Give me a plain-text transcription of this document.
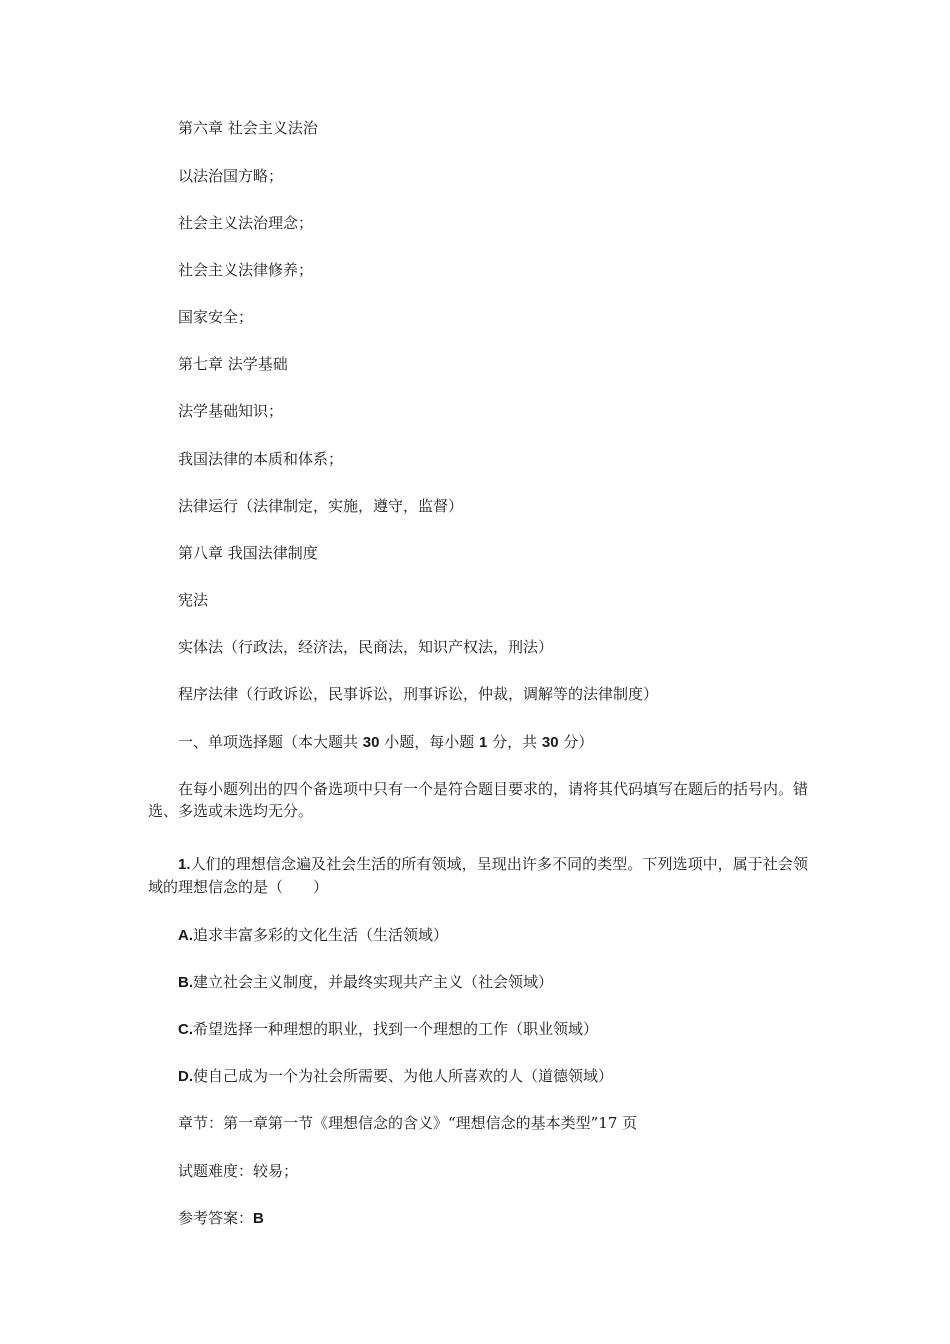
第六章 社会主义法治
以法治国方略；
社会主义法治理念；
社会主义法律修养；
国家安全；
第七章 法学基础
法学基础知识；
我国法律的本质和体系；
法律运行（法律制定，实施，遵守，监督）
第八章 我国法律制度
宪法
实体法（行政法，经济法，民商法，知识产权法，刑法）
程序法律（行政诉讼，民事诉讼，刑事诉讼，仲裁，调解等的法律制度）
一、单项选择题（本大题共 30 小题，每小题 1 分，共 30 分）
在每小题列出的四个备选项中只有一个是符合题目要求的，请将其代码填写在题后的括号内。错选、多选或未选均无分。
1.人们的理想信念遍及社会生活的所有领域，呈现出许多不同的类型。下列选项中，属于社会领域的理想信念的是（　　）
A.追求丰富多彩的文化生活（生活领域）
B.建立社会主义制度，并最终实现共产主义（社会领域）
C.希望选择一种理想的职业，找到一个理想的工作（职业领域）
D.使自己成为一个为社会所需要、为他人所喜欢的人（道德领域）
章节：第一章第一节《理想信念的含义》“理想信念的基本类型”17 页
试题难度：较易；
参考答案：B
